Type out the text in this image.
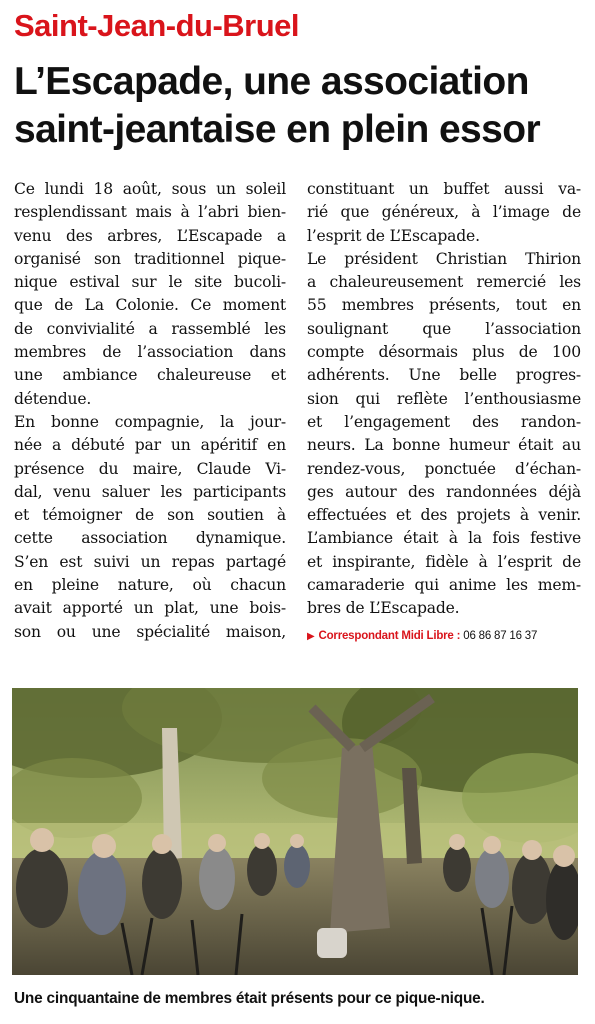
Saint-Jean-du-Bruel
L’Escapade, une association
saint-jeantaise en plein essor

Ce lundi 18 août, sous un soleil
resplendissant mais à l’abri bien-
venu des arbres, L’Escapade a
organisé son traditionnel pique-
nique estival sur le site bucoli-
que de La Colonie. Ce moment
de convivialité a rassemblé les
membres de l’association dans
une ambiance chaleureuse et
détendue.
En bonne compagnie, la jour-
née a débuté par un apéritif en
présence du maire, Claude Vi-
dal, venu saluer les participants
et témoigner de son soutien à
cette association dynamique.
S’en est suivi un repas partagé
en pleine nature, où chacun
avait apporté un plat, une bois-
son ou une spécialité maison,

constituant un buffet aussi va-
rié que généreux, à l’image de
l’esprit de L’Escapade.
Le président Christian Thirion
a chaleureusement remercié les
55 membres présents, tout en
soulignant que l’association
compte désormais plus de 100
adhérents. Une belle progres-
sion qui reflète l’enthousiasme
et l’engagement des randon-
neurs. La bonne humeur était au
rendez-vous, ponctuée d’échan-
ges autour des randonnées déjà
effectuées et des projets à venir.
L’ambiance était à la fois festive
et inspirante, fidèle à l’esprit de
camaraderie qui anime les mem-
bres de L’Escapade.

▶ Correspondant Midi Libre : 06 86 87 16 37
Une cinquantaine de membres était présents pour ce pique-nique.
